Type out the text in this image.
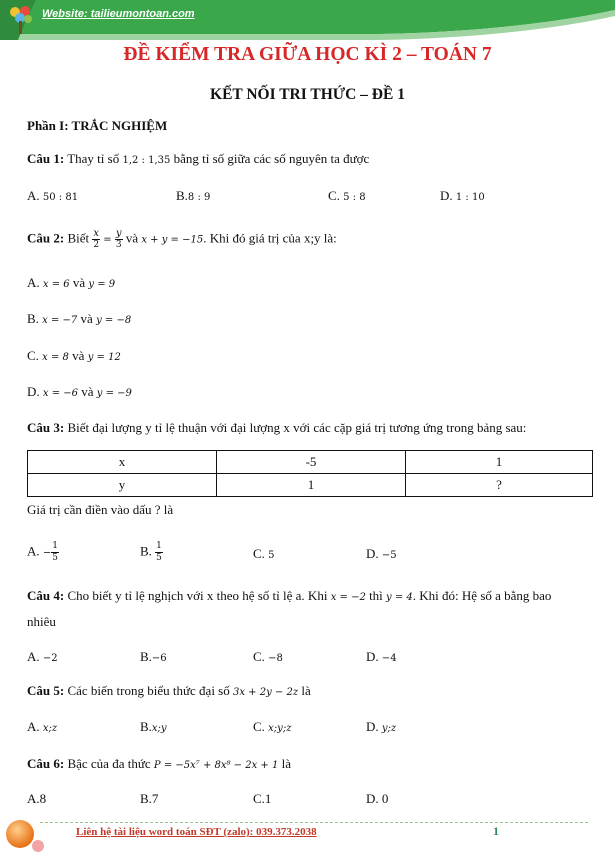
Website: tailieumontoan.com
ĐỀ KIỂM TRA GIỮA HỌC KÌ 2 – TOÁN 7
KẾT NỐI TRI THỨC – ĐỀ 1
Phần I: TRẮC NGHIỆM
Câu 1: Thay tỉ số 1,2 : 1,35 bằng tỉ số giữa các số nguyên ta được
A. 50 : 81	B.8 : 9	C. 5 : 8	D. 1 : 10
Câu 2: Biết $\frac{x}{2} = \frac{y}{3}$ và x + y = −15. Khi đó giá trị của x;y là:
A. x = 6 và y = 9
B. x = −7 và y = −8
C. x = 8 và y = 12
D. x = −6 và y = −9
Câu 3: Biết đại lượng y tỉ lệ thuận với đại lượng x với các cặp giá trị tương ứng trong bảng sau:
x	-5	1
y	1	?
Giá trị cần điền vào dấu ? là
A. − $\frac{1}{5}$	B. $\frac{1}{5}$	C. 5	D. −5
Câu 4: Cho biết y tỉ lệ nghịch với x theo hệ số tỉ lệ a. Khi x = −2 thì y = 4. Khi đó: Hệ số a bằng bao
nhiêu
A. −2	B.−6	C. −8	D. −4
Câu 5: Các biến trong biểu thức đại số 3x + 2y − 2z là
A. x;z	B.x;y	C. x;y;z	D. y;z
Câu 6: Bậc của đa thức P = −5x⁷ + 8x⁸ − 2x + 1 là
A.8	B.7	C.1	D. 0
Liên hệ tài liệu word toán SĐT (zalo): 039.373.2038	1
